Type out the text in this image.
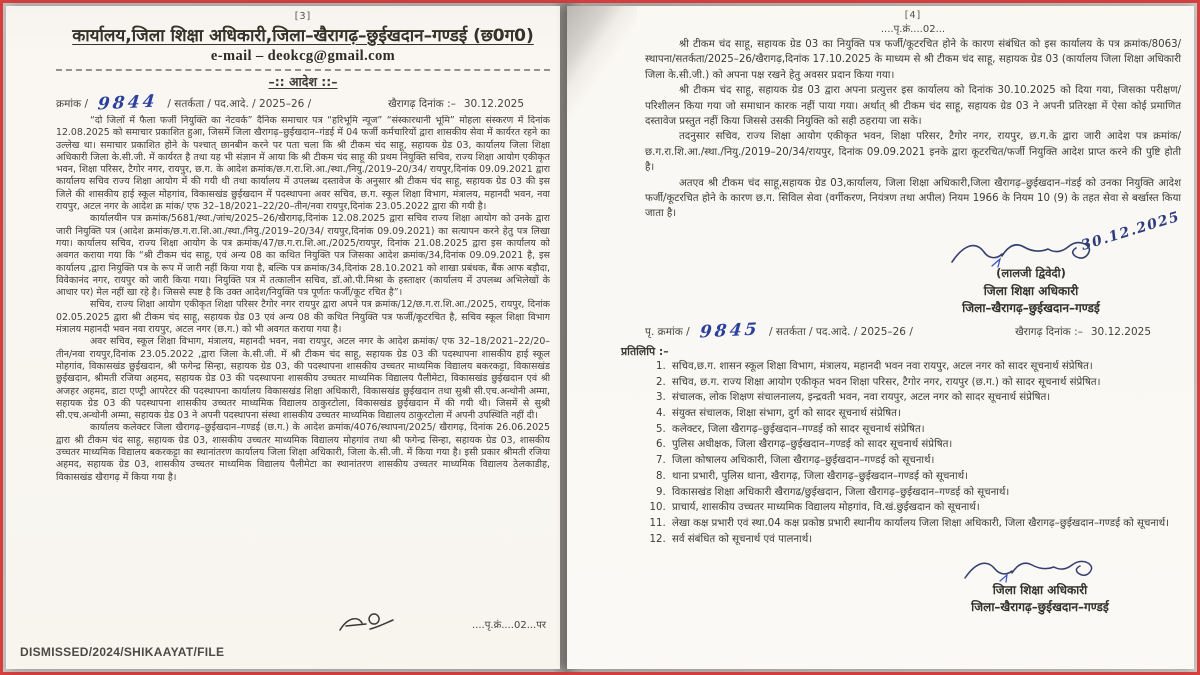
[3]
कार्यालय,जिला शिक्षा अधिकारी,जिला–खैरागढ़–छुईखदान–गण्डई (छ0ग0)
e-mail – deokcg@gmail.com
–:: आदेश ::–
क्रमांक / 9844 / सतर्कता / पद.आदे. / 2025–26 /	खैरागढ़ दिनांक :– 30.12.2025

“दो जिलों में फैला फर्जी नियुक्ति का नेटवर्क” दैनिक समाचार पत्र “हरिभूमि न्यूज” “संस्कारधानी भूमि” मोहला संस्करण में दिनांक 12.08.2025 को समाचार प्रकाशित हुआ, जिसमें जिला खैरागढ़–छुईखदान–गंडई में 04 फर्जी कर्मचारियों द्वारा शासकीय सेवा में कार्यरत रहने का उल्लेख था। समाचार प्रकाशित होने के पश्चात् छानबीन करने पर पता चला कि श्री टीकम चंद साहू, सहायक ग्रेड 03, कार्यालय जिला शिक्षा अधिकारी जिला के.सी.जी. में कार्यरत है तथा यह भी संज्ञान में आया कि श्री टीकम चंद साहू की प्रथम नियुक्ति सचिव, राज्य शिक्षा आयोग एकीकृत भवन, शिक्षा परिसर, टैगोर नगर, रायपुर, छ.ग. के आदेश क्रमांक/छ.ग.रा.शि.आ./स्था./नियु./2019–20/34/ रायपुर,दिनांक 09.09.2021 द्वारा कार्यालय सचिव राज्य शिक्षा आयोग में की गयी थी तथा कार्यालय में उपलब्ध दस्तावेज के अनुसार श्री टीकम चंद साहू, सहायक ग्रेड 03 की इस जिले की शासकीय हाई स्कूल मोहगांव, विकासखंड छुईखदान में पदस्थापना अवर सचिव, छ.ग. स्कूल शिक्षा विभाग, मंत्रालय, महानदी भवन, नवा रायपुर, अटल नगर के आदेश क्र मांक/ एफ 32–18/2021–22/20–तीन/नवा रायपुर,दिनांक 23.05.2022 द्वारा की गयी है।

कार्यालयीन पत्र क्रमांक/5681/स्था./जांच/2025–26/खैरागढ़,दिनांक 12.08.2025 द्वारा सचिव राज्य शिक्षा आयोग को उनके द्वारा जारी नियुक्ति पत्र (आदेश क्रमांक/छ.ग.रा.शि.आ./स्था./नियु./2019–20/34/ रायपुर,दिनांक 09.09.2021) का सत्यापन करने हेतु पत्र लिखा गया। कार्यालय सचिव, राज्य शिक्षा आयोग के पत्र क्रमांक/47/छ.ग.रा.शि.आ./2025/रायपुर, दिनांक 21.08.2025 द्वारा इस कार्यालय को अवगत कराया गया कि “श्री टीकम चंद साहू, एवं अन्य 08 का कथित नियुक्ति पत्र जिसका आदेश क्रमांक/34,दिनांक 09.09.2021 है, इस कार्यालय ,द्वारा नियुक्ति पत्र के रूप में जारी नहीं किया गया है, बल्कि पत्र क्रमांक/34,दिनांक 28.10.2021 को शाखा प्रबंधक, बैंक आफ बड़ौदा, विवेकानंद नगर, रायपुर को जारी किया गया। नियुक्ति पत्र में तत्कालीन सचिव, डॉ.ओ.पी.मिश्रा के हस्ताक्षर (कार्यालय में उपलब्ध अभिलेखों के आधार पर) मेल नहीं खा रहे है। जिससे स्पष्ट है कि उक्त आदेश/नियुक्ति पत्र पूर्णतः फर्जी/कूट रचित है”।

सचिव, राज्य शिक्षा आयोग एकीकृत शिक्षा परिसर टैगोर नगर रायपुर द्वारा अपने पत्र क्रमांक/12/छ.ग.रा.शि.आ./2025, रायपुर, दिनांक 02.05.2025 द्वारा श्री टीकम चंद साहू, सहायक ग्रेड 03 एवं अन्य 08 की कथित नियुक्ति पत्र फर्जी/कूटरचित है, सचिव स्कूल शिक्षा विभाग मंत्रालय महानदी भवन नवा रायपुर, अटल नगर (छ.ग.) को भी अवगत कराया गया है।

अवर सचिव, स्कूल शिक्षा विभाग, मंत्रालय, महानदी भवन, नवा रायपुर, अटल नगर के आदेश क्रमांक/ एफ 32–18/2021–22/20–तीन/नवा रायपुर,दिनांक 23.05.2022 ,द्वारा जिला के.सी.जी. में श्री टीकम चंद साहू, सहायक ग्रेड 03 की पदस्थापना शासकीय हाई स्कूल मोहगांव, विकासखंड छुईखदान, श्री फगेन्द्र सिन्हा, सहायक ग्रेड 03, की पदस्थापना शासकीय उच्चतर माध्यमिक विद्यालय बकरकट्टा, विकासखंड छुईखदान, श्रीमती रजिया अहमद, सहायक ग्रेड 03 की पदस्थापना शासकीय उच्चतर माध्यमिक विद्यालय पैलीमेटा, विकासखंड छुईखदान एवं श्री अजहर अहमद, डाटा एण्ट्री आपरेटर की पदस्थापना कार्यालय विकासखंड शिक्षा अधिकारी, विकासखंड छुईखदान तथा सुश्री सी.एच.अन्थोनी अम्मा, सहायक ग्रेड 03 की पदस्थापना शासकीय उच्चतर माध्यमिक विद्यालय ठाकुरटोला, विकासखंड छुईखदान में की गयी थी। जिसमें से सुश्री सी.एच.अन्थोनी अम्मा, सहायक ग्रेड 03 ने अपनी पदस्थापना संस्था शासकीय उच्चतर माध्यमिक विद्यालय ठाकुरटोला में अपनी उपस्थिति नहीं दी।

कार्यालय कलेक्टर जिला खैरागढ़–छुईखदान–गण्डई (छ.ग.) के आदेश क्रमांक/4076/स्थापना/2025/ खैरागढ़, दिनांक 26.06.2025 द्वारा श्री टीकम चंद साहू, सहायक ग्रेड 03, शासकीय उच्चतर माध्यमिक विद्यालय मोहगांव तथा श्री फगेन्द्र सिन्हा, सहायक ग्रेड 03, शासकीय उच्चतर माध्यमिक विद्यालय बकरकट्टा का स्थानांतरण कार्यालय जिला शिक्षा अधिकारी, जिला के.सी.जी. में किया गया है। इसी प्रकार श्रीमती रजिया अहमद, सहायक ग्रेड 03, शासकीय उच्चतर माध्यमिक विद्यालय पैलीमेटा का स्थानांतरण शासकीय उच्चतर माध्यमिक विद्यालय ठेलकाडीह, विकासखंड खैरागढ़ में किया गया है।

....पृ.क्रं....02...पर
DISMISSED/2024/SHIKAAYAT/FILE
[4]
....पृ.क्रं....02...

श्री टीकम चंद साहू, सहायक ग्रेड 03 का नियुक्ति पत्र फर्जी/कूटरचित होने के कारण संबंधित को इस कार्यालय के पत्र क्रमांक/8063/स्थापना/सतर्कता/2025–26/खैरागढ़,दिनांक 17.10.2025 के माध्यम से श्री टीकम चंद साहू, सहायक ग्रेड 03 (कार्यालय जिला शिक्षा अधिकारी जिला के.सी.जी.) को अपना पक्ष रखने हेतु अवसर प्रदान किया गया।

श्री टीकम चंद साहू, सहायक ग्रेड 03 द्वारा अपना प्रत्युत्तर इस कार्यालय को दिनांक 30.10.2025 को दिया गया, जिसका परीक्षण/परिशीलन किया गया जो समाधान कारक नहीं पाया गया। अर्थात् श्री टीकम चंद साहू, सहायक ग्रेड 03 ने अपनी प्रतिरक्षा में ऐसा कोई प्रमाणित दस्तावेज प्रस्तुत नहीं किया जिससे उसकी नियुक्ति को सही ठहराया जा सके।

तदनुसार सचिव, राज्य शिक्षा आयोग एकीकृत भवन, शिक्षा परिसर, टैगोर नगर, रायपुर, छ.ग.के द्वारा जारी आदेश पत्र क्रमांक/छ.ग.रा.शि.आ./स्था./नियु./2019–20/34/रायपुर, दिनांक 09.09.2021 इनके द्वारा कूटरचित/फर्जी नियुक्ति आदेश प्राप्त करने की पुष्टि होती है।

अतएव श्री टीकम चंद साहू,सहायक ग्रेड 03,कार्यालय, जिला शिक्षा अधिकारी,जिला खैरागढ़–छुईखदान–गंडई को उनका नियुक्ति आदेश फर्जी/कूटरचित होने के कारण छ.ग. सिविल सेवा (वर्गीकरण, नियंत्रण तथा अपील) नियम 1966 के नियम 10 (9) के तहत सेवा से बर्खास्त किया जाता है।	30.12.2025
(लालजी द्विवेदी)
जिला शिक्षा अधिकारी
जिला–खैरागढ़–छुईखदान–गण्डई
पृ. क्रमांक / 9845 / सतर्कता / पद.आदे. / 2025–26 /	खैरागढ़ दिनांक :– 30.12.2025
प्रतिलिपि :–
1. सचिव,छ.ग. शासन स्कूल शिक्षा विभाग, मंत्रालय, महानदी भवन नवा रायपुर, अटल नगर को सादर सूचनार्थ संप्रेषित।
2. सचिव, छ.ग. राज्य शिक्षा आयोग एकीकृत भवन शिक्षा परिसर, टैगोर नगर, रायपुर (छ.ग.) को सादर सूचनार्थ संप्रेषित।
3. संचालक, लोक शिक्षण संचालनालय, इन्द्रवती भवन, नवा रायपुर, अटल नगर को सादर सूचनार्थ संप्रेषित।
4. संयुक्त संचालक, शिक्षा संभाग, दुर्ग को सादर सूचनार्थ संप्रेषित।
5. कलेक्टर, जिला खैरागढ़–छुईखदान–गण्डई को सादर सूचनार्थ संप्रेषित।
6. पुलिस अधीक्षक, जिला खैरागढ़–छुईखदान–गण्डई को सादर सूचनार्थ संप्रेषित।
7. जिला कोषालय अधिकारी, जिला खैरागढ़–छुईखदान–गण्डई को सूचनार्थ।
8. थाना प्रभारी, पुलिस थाना, खैरागढ़, जिला खैरागढ़–छुईखदान–गण्डई को सूचनार्थ।
9. विकासखंड शिक्षा अधिकारी खैरागढ/छुईखदान, जिला खैरागढ़–छुईखदान–गण्डई को सूचनार्थ।
10. प्राचार्य, शासकीय उच्चतर माध्यमिक विद्यालय मोहगांव, वि.खं.छुईखदान को सूचनार्थ।
11. लेखा कक्ष प्रभारी एवं स्था.04 कक्ष प्रकोष्ठ प्रभारी स्थानीय कार्यालय जिला शिक्षा अधिकारी, जिला खैरागढ़–छुईखदान–गण्डई को सूचनार्थ।
12. सर्व संबंधित को सूचनार्थ एवं पालनार्थ।
जिला शिक्षा अधिकारी
जिला–खैरागढ़–छुईखदान–गण्डई
